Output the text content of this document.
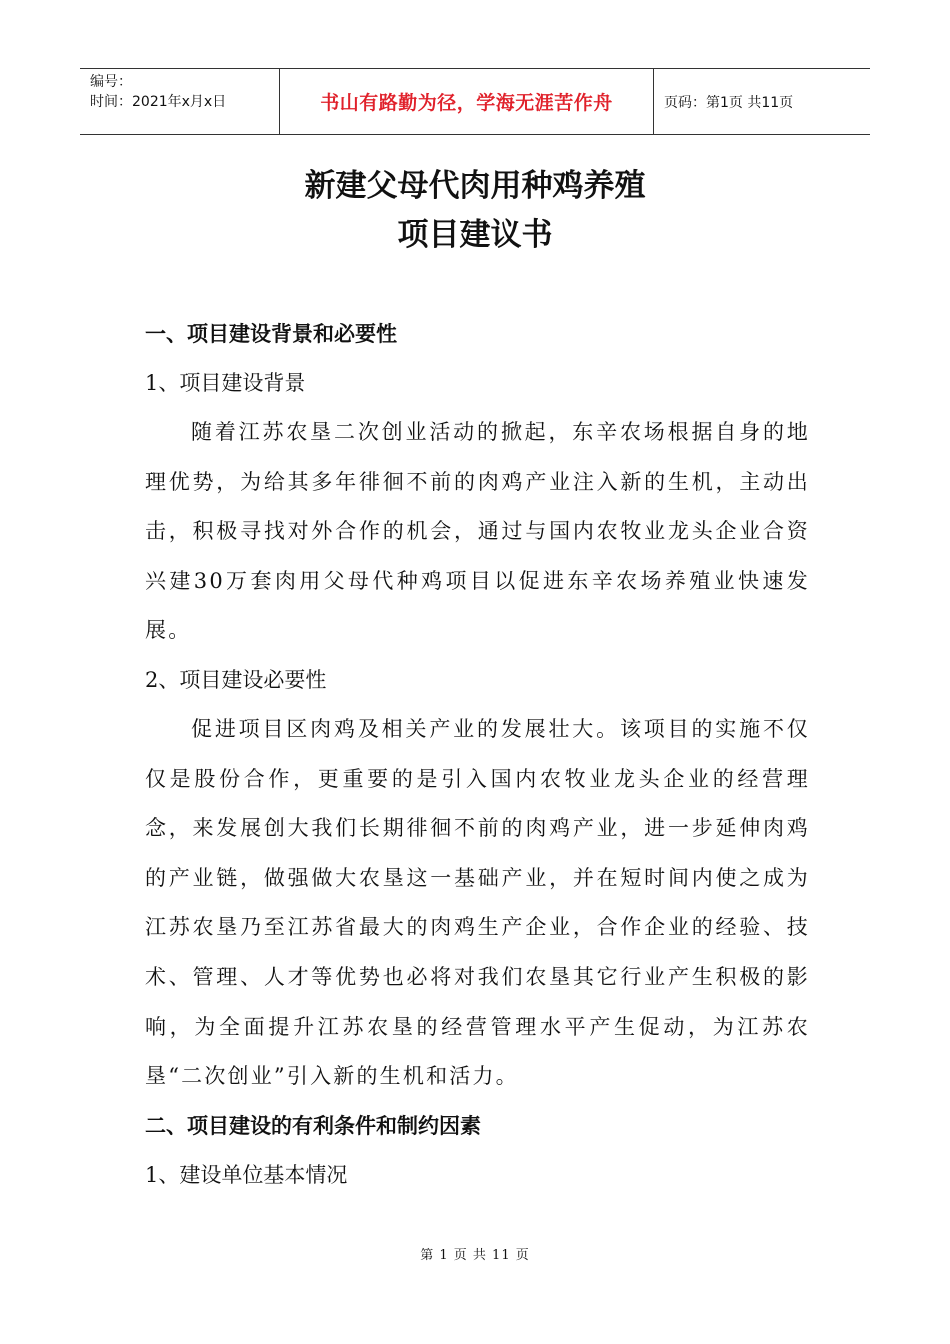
编号：
时间：2021年x月x日	书山有路勤为径，学海无涯苦作舟	页码：第1页 共11页
新建父母代肉用种鸡养殖
项目建议书

一、项目建设背景和必要性

1、项目建设背景

随着江苏农垦二次创业活动的掀起，东辛农场根据自身的地理优势，为给其多年徘徊不前的肉鸡产业注入新的生机，主动出击，积极寻找对外合作的机会，通过与国内农牧业龙头企业合资兴建30万套肉用父母代种鸡项目以促进东辛农场养殖业快速发展。

2、项目建设必要性

促进项目区肉鸡及相关产业的发展壮大。该项目的实施不仅仅是股份合作，更重要的是引入国内农牧业龙头企业的经营理念，来发展创大我们长期徘徊不前的肉鸡产业，进一步延伸肉鸡的产业链，做强做大农垦这一基础产业，并在短时间内使之成为江苏农垦乃至江苏省最大的肉鸡生产企业，合作企业的经验、技术、管理、人才等优势也必将对我们农垦其它行业产生积极的影响，为全面提升江苏农垦的经营管理水平产生促动，为江苏农垦“二次创业”引入新的生机和活力。

二、项目建设的有利条件和制约因素

1、建设单位基本情况

第 1 页 共 11 页
